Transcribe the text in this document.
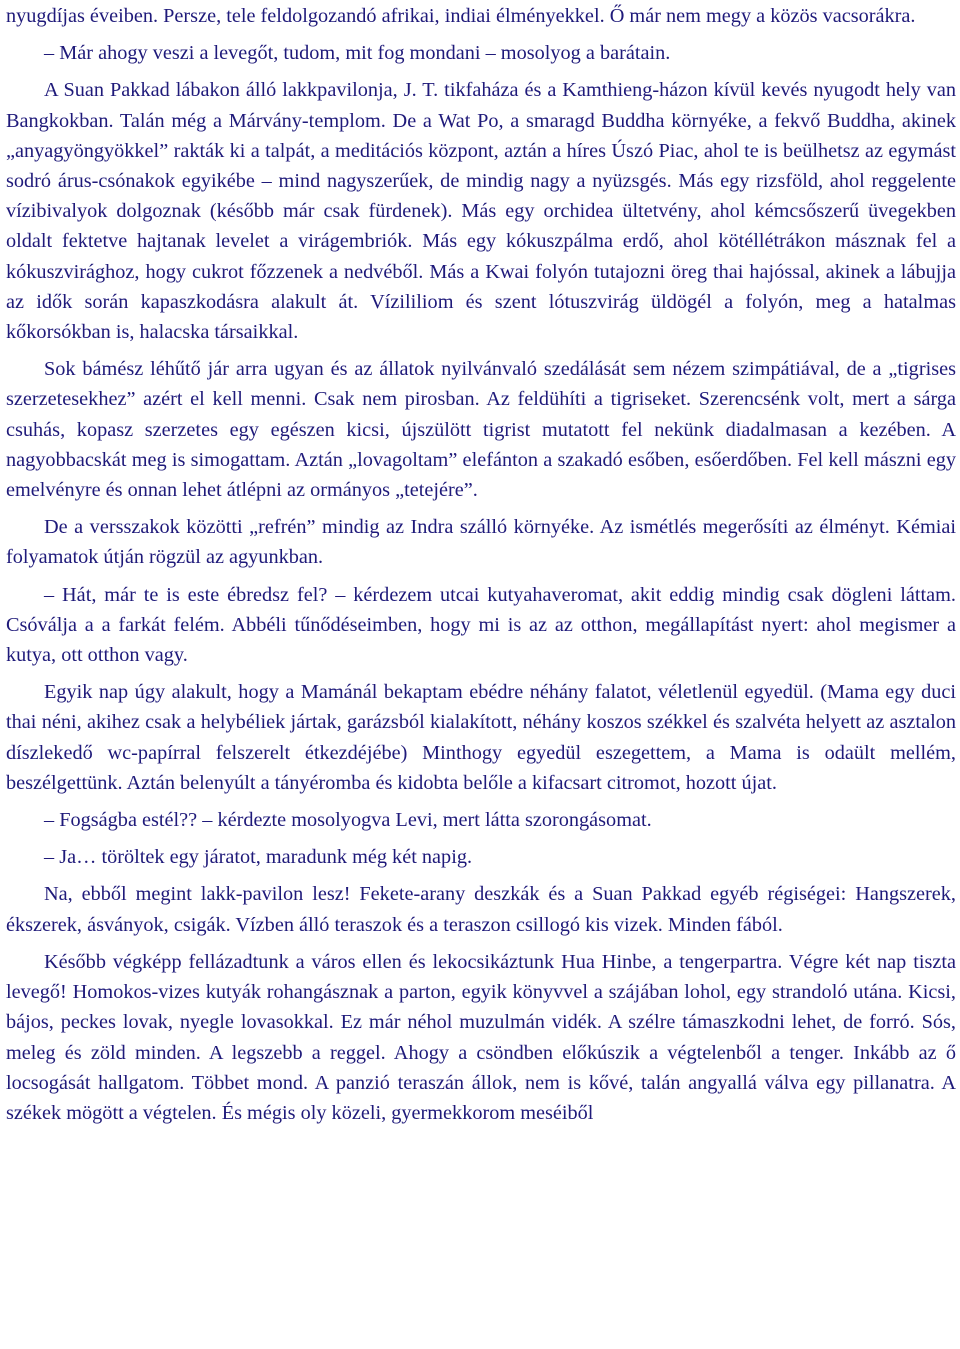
nyugdíjas éveiben. Persze, tele feldolgozandó afrikai, indiai élményekkel. Ő már nem megy a közös vacsorákra.

– Már ahogy veszi a levegőt, tudom, mit fog mondani – mosolyog a barátain.

A Suan Pakkad lábakon álló lakkpavilonja, J. T. tikfaháza és a Kamthieng-házon kívül kevés nyugodt hely van Bangkokban. Talán még a Márvány-templom. De a Wat Po, a smaragd Buddha környéke, a fekvő Buddha, akinek „anyagyöngyökkel” rakták ki a talpát, a meditációs központ, aztán a híres Úszó Piac, ahol te is beülhetsz az egymást sodró árus-csónakok egyikébe – mind nagyszerűek, de mindig nagy a nyüzsgés. Más egy rizsföld, ahol reggelente vízibivalyok dolgoznak (később már csak fürdenek). Más egy orchidea ültetvény, ahol kémcsőszerű üvegekben oldalt fektetve hajtanak levelet a virágembriók. Más egy kókuszpálma erdő, ahol kötéllétrákon másznak fel a kókuszvirághoz, hogy cukrot főzzenek a nedvéből. Más a Kwai folyón tutajozni öreg thai hajóssal, akinek a lábujja az idők során kapaszkodásra alakult át. Vízililiom és szent lótuszvirág üldögél a folyón, meg a hatalmas kőkorsókban is, halacska társaikkal.

Sok bámész léhűtő jár arra ugyan és az állatok nyilvánvaló szedálását sem nézem szimpátiával, de a „tigrises szerzetesekhez” azért el kell menni. Csak nem pirosban. Az feldühíti a tigriseket. Szerencsénk volt, mert a sárga csuhás, kopasz szerzetes egy egészen kicsi, újszülött tigrist mutatott fel nekünk diadalmasan a kezében. A nagyobbacskát meg is simogattam. Aztán „lovagoltam” elefánton a szakadó esőben, esőerdőben. Fel kell mászni egy emelvényre és onnan lehet átlépni az ormányos „tetejére”.

De a versszakok közötti „refrén” mindig az Indra szálló környéke. Az ismétlés megerősíti az élményt. Kémiai folyamatok útján rögzül az agyunkban.

– Hát, már te is este ébredsz fel? – kérdezem utcai kutyahaveromat, akit eddig mindig csak dögleni láttam. Csóválja a a farkát felém. Abbéli tűnődéseimben, hogy mi is az az otthon, megállapítást nyert: ahol megismer a kutya, ott otthon vagy.

Egyik nap úgy alakult, hogy a Mamánál bekaptam ebédre néhány falatot, véletlenül egyedül. (Mama egy duci thai néni, akihez csak a helybéliek jártak, garázsból kialakított, néhány koszos székkel és szalvéta helyett az asztalon díszlekedő wc-papírral felszerelt étkezdéjébe) Minthogy egyedül eszegettem, a Mama is odaült mellém, beszélgettünk. Aztán belenyúlt a tányéromba és kidobta belőle a kifacsart citromot, hozott újat.

– Fogságba estél?? – kérdezte mosolyogva Levi, mert látta szorongásomat.

– Ja… töröltek egy járatot, maradunk még két napig.

Na, ebből megint lakk-pavilon lesz! Fekete-arany deszkák és a Suan Pakkad egyéb régiségei: Hangszerek, ékszerek, ásványok, csigák. Vízben álló teraszok és a teraszon csillogó kis vizek. Minden fából.

Később végképp fellázadtunk a város ellen és lekocsikáztunk Hua Hinbe, a tengerpartra. Végre két nap tiszta levegő! Homokos-vizes kutyák rohangásznak a parton, egyik könyvvel a szájában lohol, egy strandoló utána. Kicsi, bájos, peckes lovak, nyegle lovasokkal. Ez már néhol muzulmán vidék. A szélre támaszkodni lehet, de forró. Sós, meleg és zöld minden. A legszebb a reggel. Ahogy a csöndben előkúszik a végtelenből a tenger. Inkább az ő locsogását hallgatom. Többet mond. A panzió teraszán állok, nem is kővé, talán angyallá válva egy pillanatra. A székek mögött a végtelen. És mégis oly közeli, gyermekkorom meséiből
